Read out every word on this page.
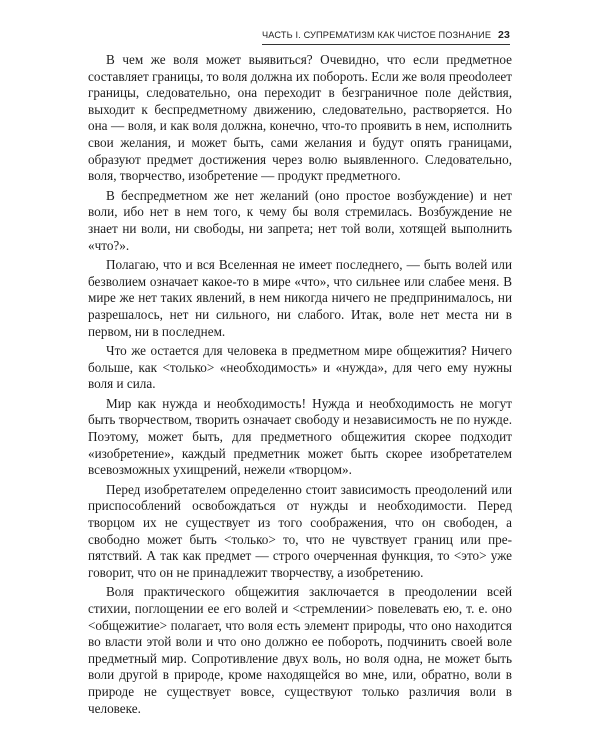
ЧАСТЬ I. СУПРЕМАТИЗМ КАК ЧИСТОЕ ПОЗНАНИЕ 23

В чем же воля может выявиться? Очевидно, что если предметное составляет границы, то воля должна их побороть. Если же воля преоdолеет границы, следовательно, она переходит в безграничное поле действия, выходит к беспредметному движению, следовательно, растворяется. Но она — воля, и как воля должна, конечно, что-то проявить в нем, исполнить свои желания, и может быть, сами желания и будут опять границами, образуют предмет достижения через волю выявленного. Следовательно, воля, творчество, изобретение — продукт предметного.

В беспредметном же нет желаний (оно простое возбуждение) и нет воли, ибо нет в нем того, к чему бы воля стремилась. Возбуждение не знает ни воли, ни свободы, ни запрета; нет той воли, хотящей выполнить «что?».

Полагаю, что и вся Вселенная не имеет последнего, — быть волей или безволием означает какое-то в мире «что», что сильнее или слабее меня. В мире же нет таких явлений, в нем никогда ничего не предпринималось, ни разрешалось, нет ни сильного, ни слабого. Итак, воле нет места ни в первом, ни в последнем.

Что же остается для человека в предметном мире общежития? Ничего больше, как <только> «необходимость» и «нужда», для чего ему нужны воля и сила.

Мир как нужда и необходимость! Нужда и необходимость не могут быть творчеством, творить означает свободу и независимость не по нужде. Поэтому, может быть, для предметного общежития скорее подходит «изобретение», каждый предметник может быть скорее изобретателем всевозможных ухищрений, нежели «творцом».

Перед изобретателем определенно стоит зависимость преодолений или приспособлений освобождаться от нужды и необходимости. Перед творцом их не существует из того соображения, что он свободен, а свободно может быть <только> то, что не чувствует границ или препятствий. А так как предмет — строго очерченная функция, то <это> уже говорит, что он не принадлежит творчеству, а изобретению.

Воля практического общежития заключается в преодолении всей стихии, поглощении ее его волей и <стремлении> повелевать ею, т. е. оно <общежитие> полагает, что воля есть элемент природы, что оно находится во власти этой воли и что оно должно ее побороть, подчинить своей воле предметный мир. Сопротивление двух воль, но воля одна, не может быть воли другой в природе, кроме находящейся во мне, или, обратно, воли в природе не существует вовсе, существуют только различия воли в человеке.
